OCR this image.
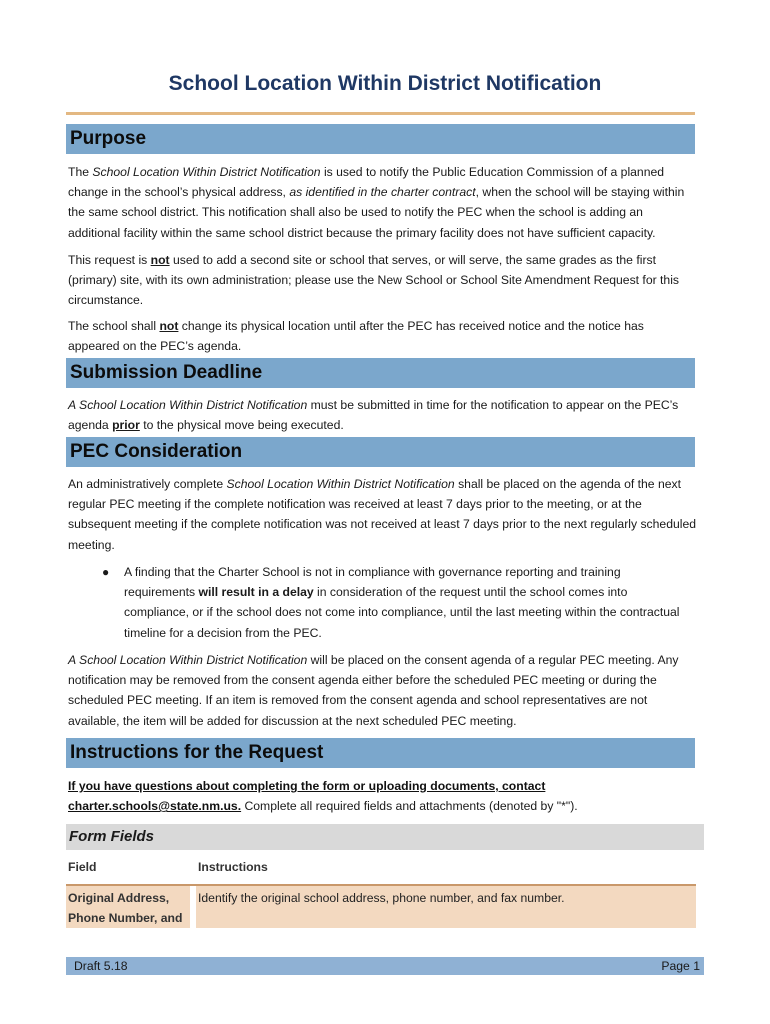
School Location Within District Notification
Purpose
The School Location Within District Notification is used to notify the Public Education Commission of a planned change in the school’s physical address, as identified in the charter contract, when the school will be staying within the same school district. This notification shall also be used to notify the PEC when the school is adding an additional facility within the same school district because the primary facility does not have sufficient capacity.
This request is not used to add a second site or school that serves, or will serve, the same grades as the first (primary) site, with its own administration; please use the New School or School Site Amendment Request for this circumstance.
The school shall not change its physical location until after the PEC has received notice and the notice has appeared on the PEC’s agenda.
Submission Deadline
A School Location Within District Notification must be submitted in time for the notification to appear on the PEC’s agenda prior to the physical move being executed.
PEC Consideration
An administratively complete School Location Within District Notification shall be placed on the agenda of the next regular PEC meeting if the complete notification was received at least 7 days prior to the meeting, or at the subsequent meeting if the complete notification was not received at least 7 days prior to the next regularly scheduled meeting.
● A finding that the Charter School is not in compliance with governance reporting and training requirements will result in a delay in consideration of the request until the school comes into compliance, or if the school does not come into compliance, until the last meeting within the contractual timeline for a decision from the PEC.
A School Location Within District Notification will be placed on the consent agenda of a regular PEC meeting. Any notification may be removed from the consent agenda either before the scheduled PEC meeting or during the scheduled PEC meeting. If an item is removed from the consent agenda and school representatives are not available, the item will be added for discussion at the next scheduled PEC meeting.
Instructions for the Request
If you have questions about completing the form or uploading documents, contact charter.schools@state.nm.us. Complete all required fields and attachments (denoted by "*").
Form Fields
Field	Instructions
Original Address, Phone Number, and
Identify the original school address, phone number, and fax number.
Draft 5.18	Page 1
